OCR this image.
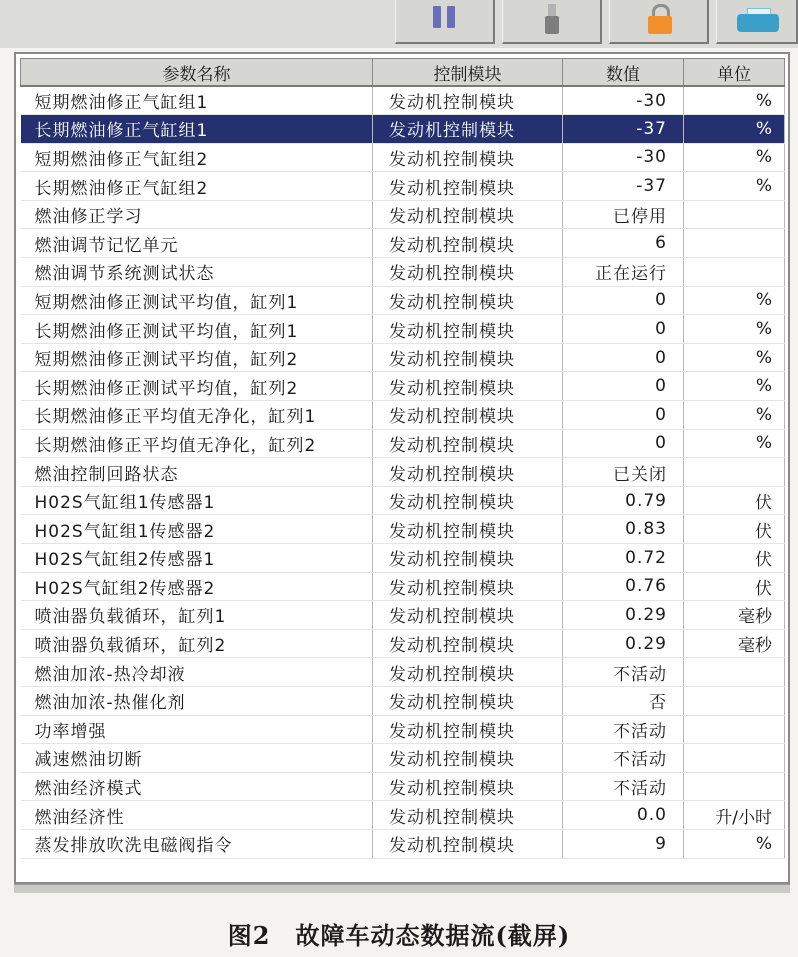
参数名称	控制模块	数值	单位
短期燃油修正气缸组1	发动机控制模块	-30	%
长期燃油修正气缸组1	发动机控制模块	-37	%
短期燃油修正气缸组2	发动机控制模块	-30	%
长期燃油修正气缸组2	发动机控制模块	-37	%
燃油修正学习	发动机控制模块	已停用	
燃油调节记忆单元	发动机控制模块	6	
燃油调节系统测试状态	发动机控制模块	正在运行	
短期燃油修正测试平均值，缸列1	发动机控制模块	0	%
长期燃油修正测试平均值，缸列1	发动机控制模块	0	%
短期燃油修正测试平均值，缸列2	发动机控制模块	0	%
长期燃油修正测试平均值，缸列2	发动机控制模块	0	%
长期燃油修正平均值无净化，缸列1	发动机控制模块	0	%
长期燃油修正平均值无净化，缸列2	发动机控制模块	0	%
燃油控制回路状态	发动机控制模块	已关闭	
H02S气缸组1传感器1	发动机控制模块	0.79	伏
H02S气缸组1传感器2	发动机控制模块	0.83	伏
H02S气缸组2传感器1	发动机控制模块	0.72	伏
H02S气缸组2传感器2	发动机控制模块	0.76	伏
喷油器负载循环，缸列1	发动机控制模块	0.29	毫秒
喷油器负载循环，缸列2	发动机控制模块	0.29	毫秒
燃油加浓-热冷却液	发动机控制模块	不活动	
燃油加浓-热催化剂	发动机控制模块	否	
功率增强	发动机控制模块	不活动	
减速燃油切断	发动机控制模块	不活动	
燃油经济模式	发动机控制模块	不活动	
燃油经济性	发动机控制模块	0.0	升/小时
蒸发排放吹洗电磁阀指令	发动机控制模块	9	%
图2　故障车动态数据流(截屏)
